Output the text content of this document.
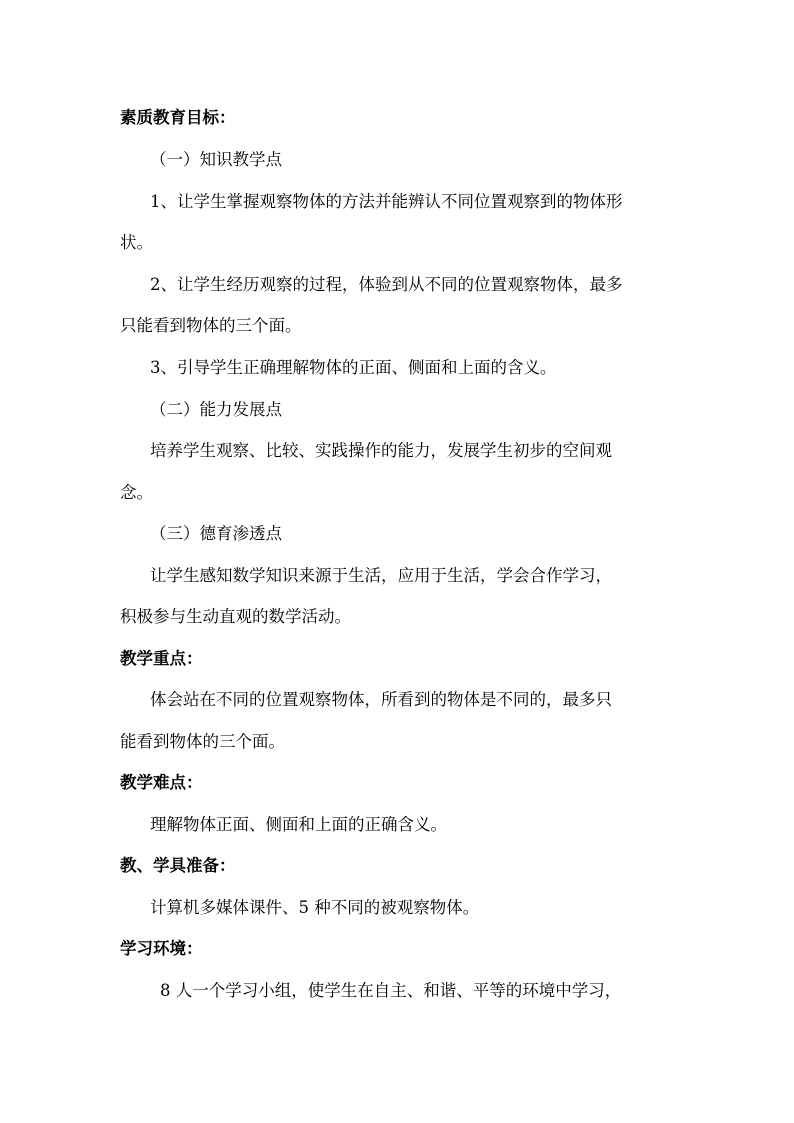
素质教育目标：
（一）知识教学点
1、让学生掌握观察物体的方法并能辨认不同位置观察到的物体形
状。
2、让学生经历观察的过程，体验到从不同的位置观察物体，最多
只能看到物体的三个面。
3、引导学生正确理解物体的正面、侧面和上面的含义。
（二）能力发展点
培养学生观察、比较、实践操作的能力，发展学生初步的空间观
念。
（三）德育渗透点
让学生感知数学知识来源于生活，应用于生活，学会合作学习，
积极参与生动直观的数学活动。
教学重点：
体会站在不同的位置观察物体，所看到的物体是不同的，最多只
能看到物体的三个面。
教学难点：
理解物体正面、侧面和上面的正确含义。
教、学具准备：
计算机多媒体课件、5 种不同的被观察物体。
学习环境：
8 人一个学习小组，使学生在自主、和谐、平等的环境中学习，
